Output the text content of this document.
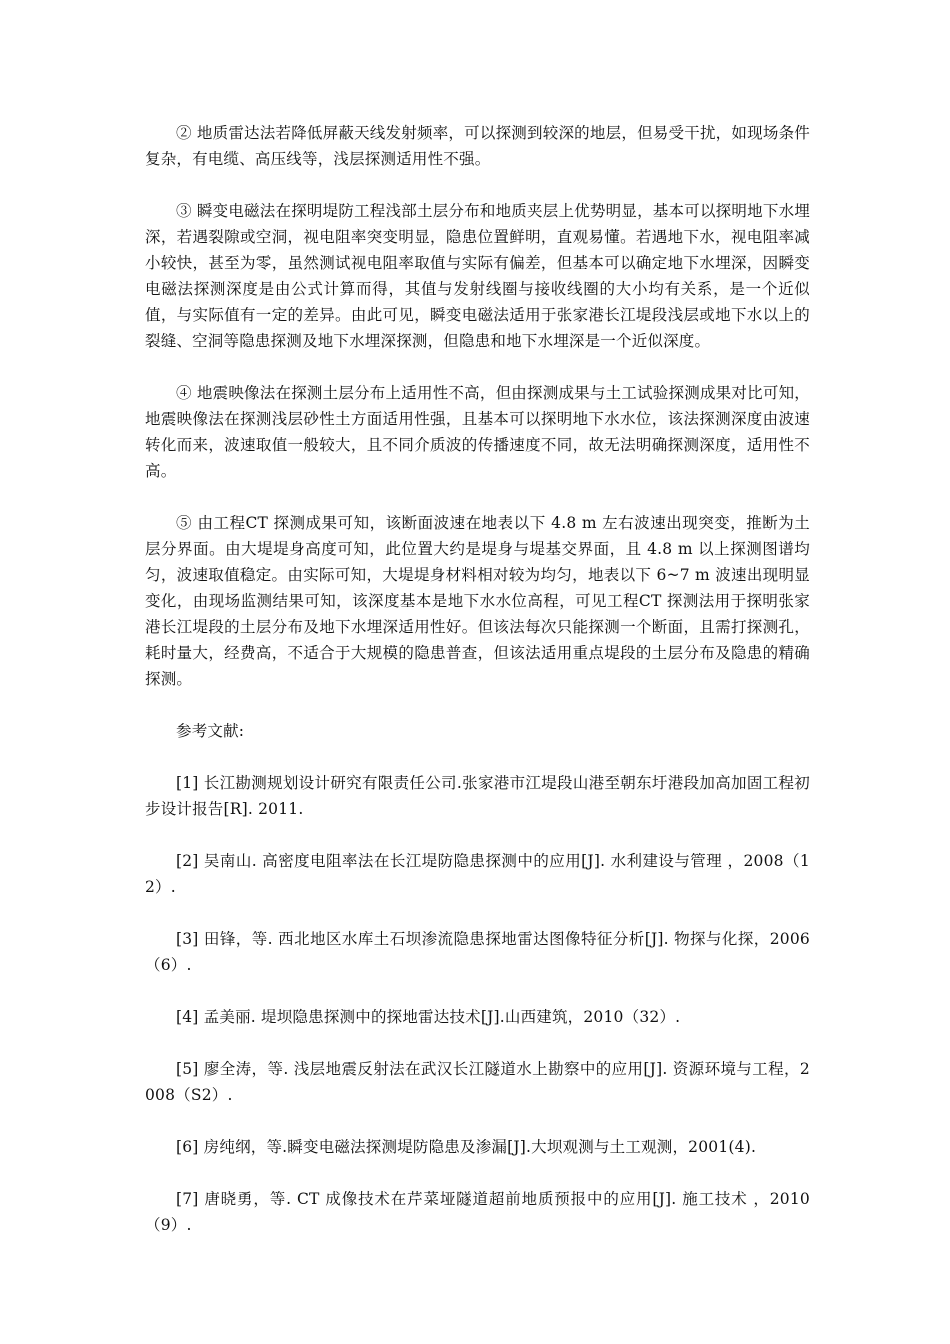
② 地质雷达法若降低屏蔽天线发射频率，可以探测到较深的地层，但易受干扰，如现场条件复杂，有电缆、高压线等，浅层探测适用性不强。

③ 瞬变电磁法在探明堤防工程浅部土层分布和地质夹层上优势明显，基本可以探明地下水埋深，若遇裂隙或空洞，视电阻率突变明显，隐患位置鲜明，直观易懂。若遇地下水，视电阻率减小较快，甚至为零，虽然测试视电阻率取值与实际有偏差，但基本可以确定地下水埋深，因瞬变电磁法探测深度是由公式计算而得，其值与发射线圈与接收线圈的大小均有关系，是一个近似值，与实际值有一定的差异。由此可见，瞬变电磁法适用于张家港长江堤段浅层或地下水以上的裂缝、空洞等隐患探测及地下水埋深探测，但隐患和地下水埋深是一个近似深度。

④ 地震映像法在探测土层分布上适用性不高，但由探测成果与土工试验探测成果对比可知，地震映像法在探测浅层砂性土方面适用性强，且基本可以探明地下水水位，该法探测深度由波速转化而来，波速取值一般较大，且不同介质波的传播速度不同，故无法明确探测深度，适用性不高。

⑤ 由工程CT 探测成果可知，该断面波速在地表以下 4.8 m 左右波速出现突变，推断为土层分界面。由大堤堤身高度可知，此位置大约是堤身与堤基交界面，且 4.8 m 以上探测图谱均匀，波速取值稳定。由实际可知，大堤堤身材料相对较为均匀，地表以下 6~7 m 波速出现明显变化，由现场监测结果可知，该深度基本是地下水水位高程，可见工程CT 探测法用于探明张家港长江堤段的土层分布及地下水埋深适用性好。但该法每次只能探测一个断面，且需打探测孔，耗时量大，经费高，不适合于大规模的隐患普查，但该法适用重点堤段的土层分布及隐患的精确探测。

参考文献:

[1] 长江勘测规划设计研究有限责任公司.张家港市江堤段山港至朝东圩港段加高加固工程初步设计报告[R]. 2011.

[2] 吴南山. 高密度电阻率法在长江堤防隐患探测中的应用[J]. 水利建设与管理 ，2008（12）.

[3] 田锋，等. 西北地区水库土石坝渗流隐患探地雷达图像特征分析[J]. 物探与化探，2006（6）.

[4] 孟美丽. 堤坝隐患探测中的探地雷达技术[J].山西建筑，2010（32）.

[5] 廖全涛，等. 浅层地震反射法在武汉长江隧道水上勘察中的应用[J]. 资源环境与工程，2008（S2）.

[6] 房纯纲，等.瞬变电磁法探测堤防隐患及渗漏[J].大坝观测与土工观测，2001(4).

[7] 唐晓勇，等. CT 成像技术在芹菜垭隧道超前地质预报中的应用[J]. 施工技术 ，2010（9）.
